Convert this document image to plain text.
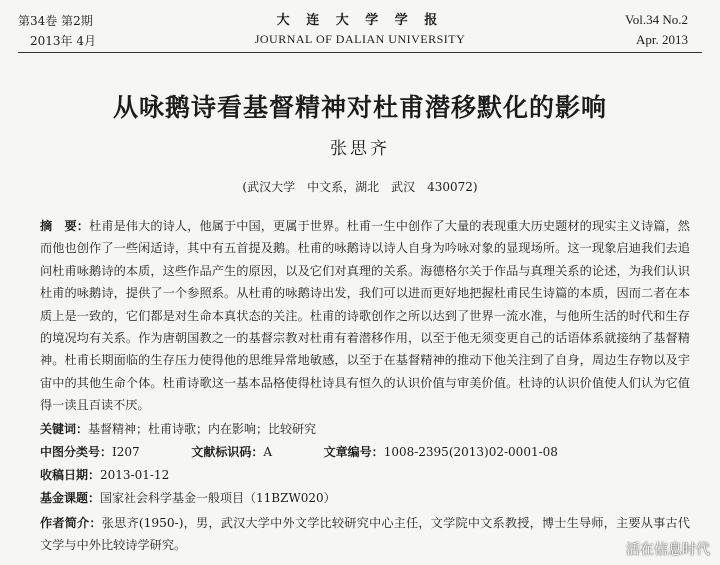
第34卷 第2期
2013年 4月
大 连 大 学 学 报
JOURNAL OF DALIAN UNIVERSITY
Vol.34 No.2
Apr. 2013
从咏鹅诗看基督精神对杜甫潜移默化的影响
张思齐
(武汉大学　中文系，湖北　武汉　430072)
摘　要：杜甫是伟大的诗人，他属于中国，更属于世界。杜甫一生中创作了大量的表现重大历史题材的现实主义诗篇，然而他也创作了一些闲适诗，其中有五首提及鹅。杜甫的咏鹅诗以诗人自身为吟咏对象的显现场所。这一现象启迪我们去追问杜甫咏鹅诗的本质，这些作品产生的原因，以及它们对真理的关系。海德格尔关于作品与真理关系的论述，为我们认识杜甫的咏鹅诗，提供了一个参照系。从杜甫的咏鹅诗出发，我们可以进而更好地把握杜甫民生诗篇的本质，因而二者在本质上是一致的，它们都是对生命本真状态的关注。杜甫的诗歌创作之所以达到了世界一流水准，与他所生活的时代和生存的境况均有关系。作为唐朝国教之一的基督宗教对杜甫有着潜移作用，以至于他无须变更自己的话语体系就接纳了基督精神。杜甫长期面临的生存压力使得他的思维异常地敏感，以至于在基督精神的推动下他关注到了自身，周边生存物以及宇宙中的其他生命个体。杜甫诗歌这一基本品格使得杜诗具有恒久的认识价值与审美价值。杜诗的认识价值使人们认为它值得一读且百读不厌。
关键词：基督精神；杜甫诗歌；内在影响；比较研究
中图分类号：I207	文献标识码：A	文章编号：1008-2395(2013)02-0001-08
收稿日期：2013-01-12
基金课题：国家社会科学基金一般项目（11BZW020）
作者简介：张思齐(1950-)，男，武汉大学中外文学比较研究中心主任，文学院中文系教授，博士生导师，主要从事古代文学与中外比较诗学研究。	活在信息时代
